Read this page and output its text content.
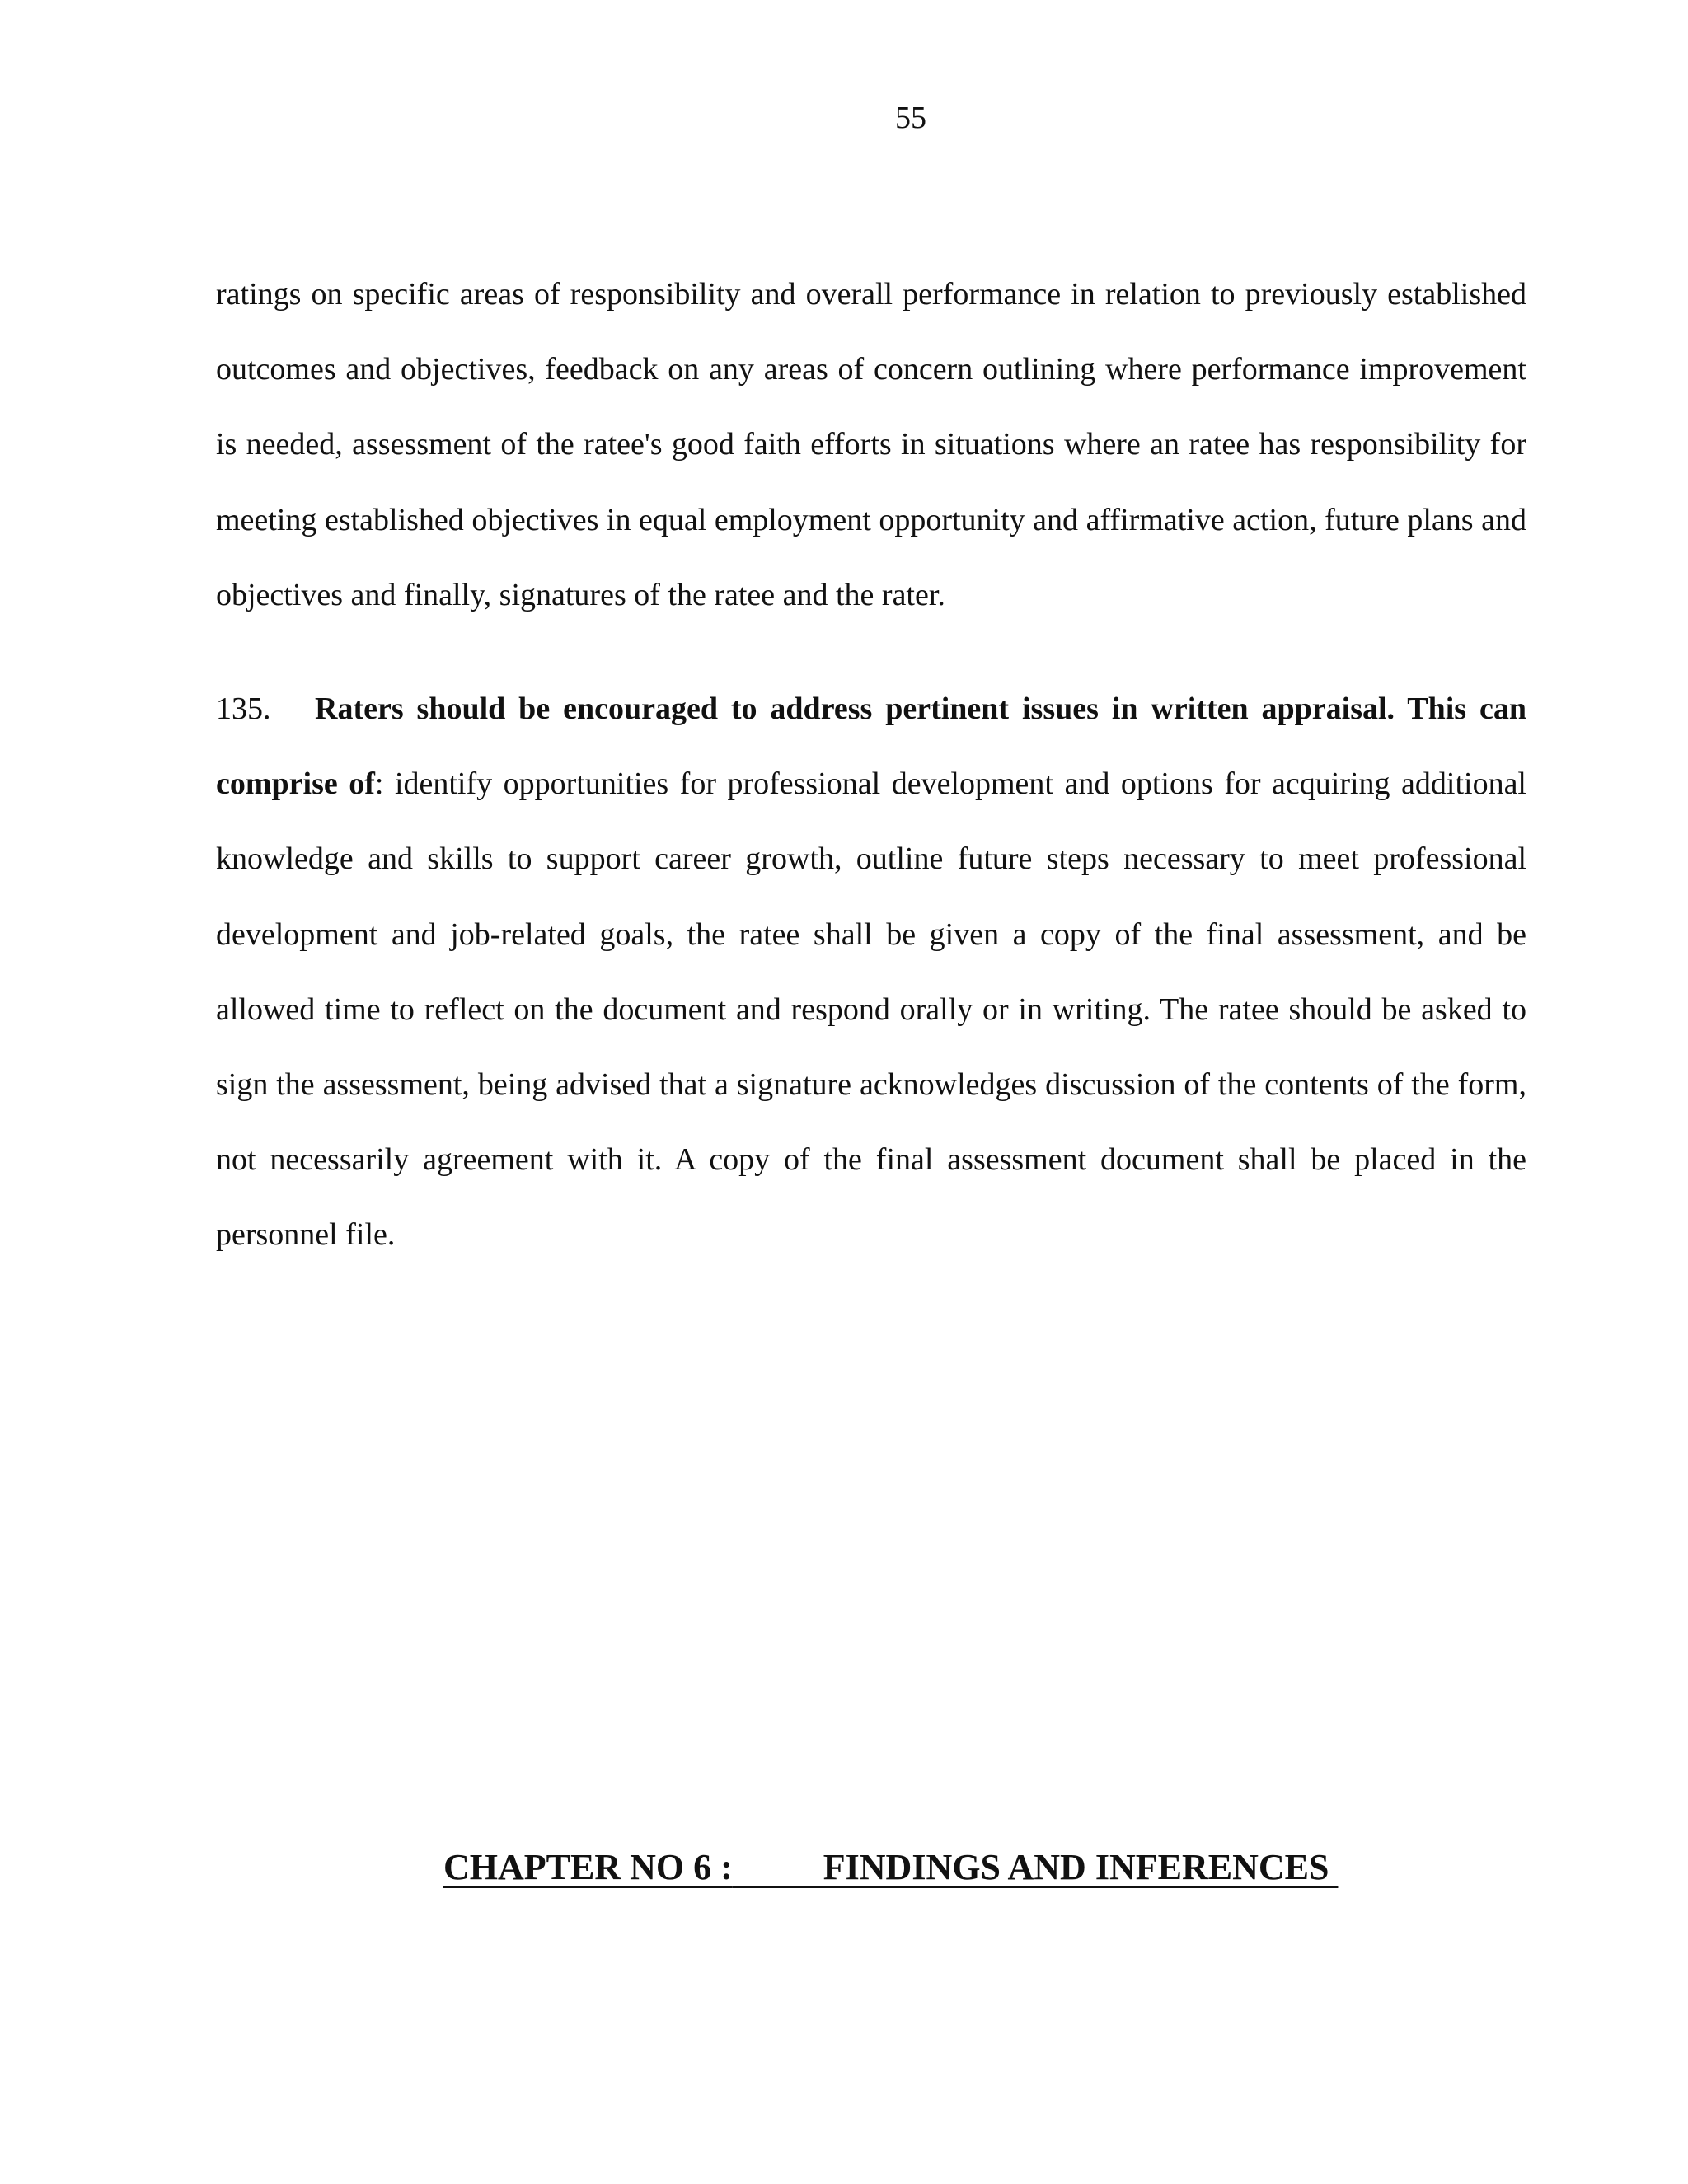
55

ratings on specific areas of responsibility and overall performance in relation to previously established outcomes and objectives, feedback on any areas of concern outlining where performance improvement is needed, assessment of the ratee's good faith efforts in situations where an ratee has responsibility for meeting established objectives in equal employment opportunity and affirmative action, future plans and objectives and finally, signatures of the ratee and the rater.

135. Raters should be encouraged to address pertinent issues in written appraisal. This can comprise of: identify opportunities for professional development and options for acquiring additional knowledge and skills to support career growth, outline future steps necessary to meet professional development and job-related goals, the ratee shall be given a copy of the final assessment, and be allowed time to reflect on the document and respond orally or in writing. The ratee should be asked to sign the assessment, being advised that a signature acknowledges discussion of the contents of the form, not necessarily agreement with it. A copy of the final assessment document shall be placed in the personnel file.

CHAPTER NO 6 :	FINDINGS AND INFERENCES
